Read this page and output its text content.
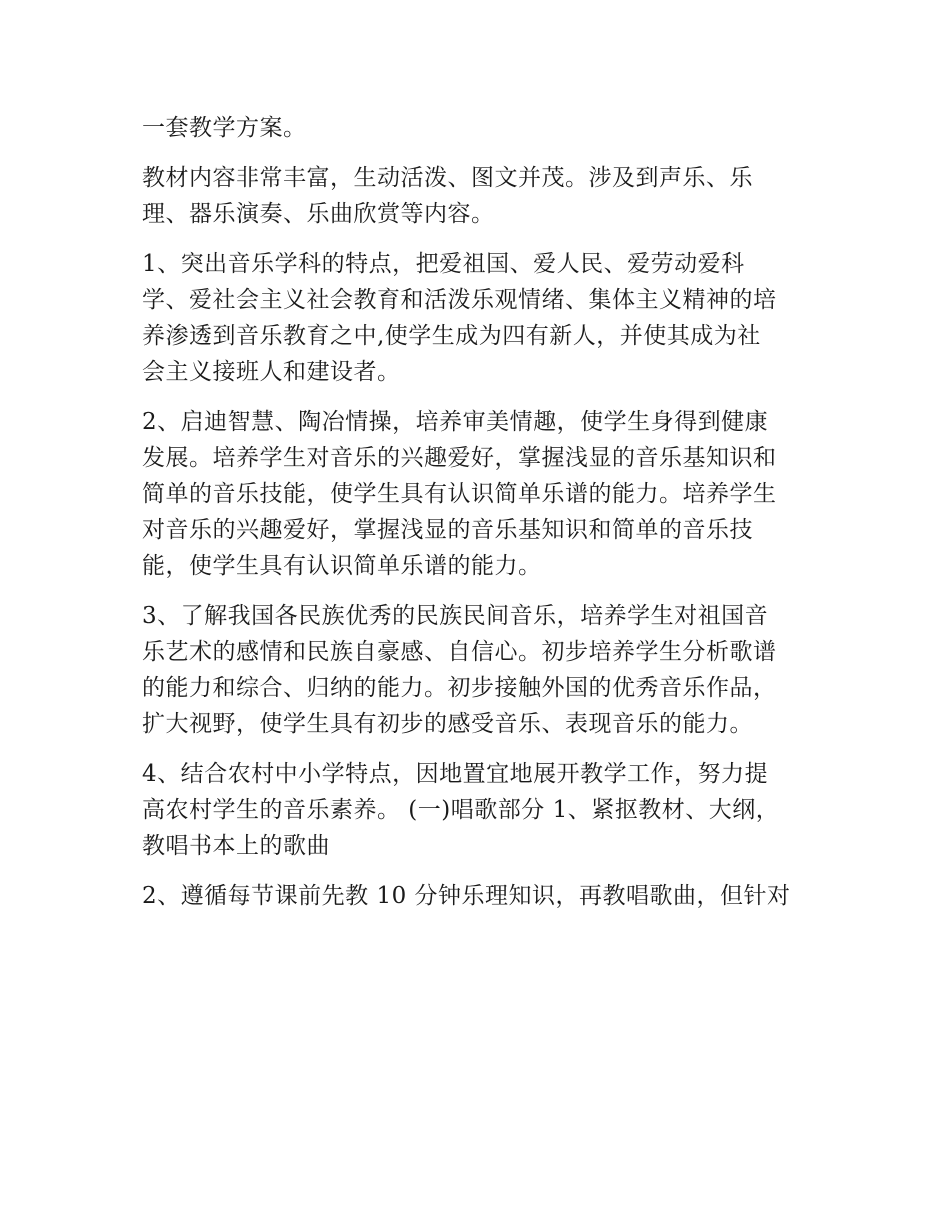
一套教学方案。

教材内容非常丰富，生动活泼、图文并茂。涉及到声乐、乐

理、器乐演奏、乐曲欣赏等内容。

1、突出音乐学科的特点，把爱祖国、爱人民、爱劳动爱科

学、爱社会主义社会教育和活泼乐观情绪、集体主义精神的培

养渗透到音乐教育之中,使学生成为四有新人，并使其成为社

会主义接班人和建设者。

2、启迪智慧、陶冶情操，培养审美情趣，使学生身得到健康

发展。培养学生对音乐的兴趣爱好，掌握浅显的音乐基知识和

简单的音乐技能，使学生具有认识简单乐谱的能力。培养学生

对音乐的兴趣爱好，掌握浅显的音乐基知识和简单的音乐技

能，使学生具有认识简单乐谱的能力。

3、了解我国各民族优秀的民族民间音乐，培养学生对祖国音

乐艺术的感情和民族自豪感、自信心。初步培养学生分析歌谱

的能力和综合、归纳的能力。初步接触外国的优秀音乐作品，

扩大视野，使学生具有初步的感受音乐、表现音乐的能力。

4、结合农村中小学特点，因地置宜地展开教学工作，努力提

高农村学生的音乐素养。 (一)唱歌部分 1、紧抠教材、大纲，

教唱书本上的歌曲

2、遵循每节课前先教 10 分钟乐理知识，再教唱歌曲，但针对
